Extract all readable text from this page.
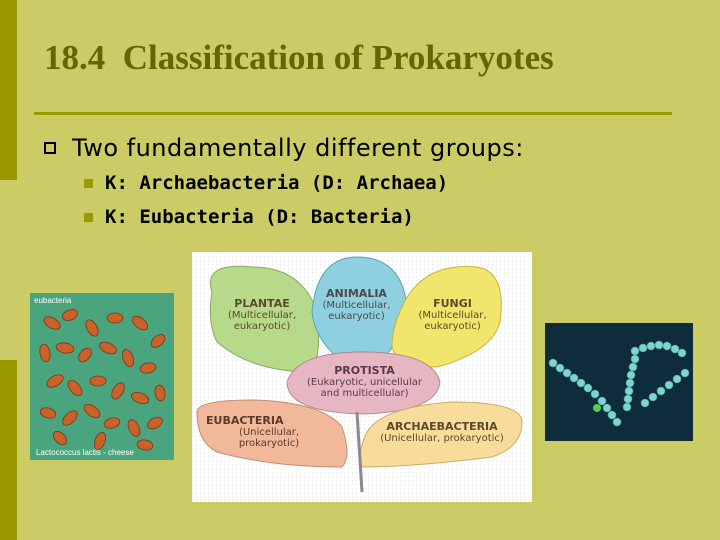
18.4  Classification of Prokaryotes
Two fundamentally different groups:
K: Archaebacteria (D: Archaea)
K: Eubacteria (D: Bacteria)
eubacteria
Lactococcus lactis - cheese
PLANTAE
(Multicellular,
eukaryotic)
ANIMALIA
(Multicellular,
eukaryotic)
FUNGI
(Multicellular,
eukaryotic)
PROTISTA
(Eukaryotic, unicellular
and multicellular)
EUBACTERIA
(Unicellular,
prokaryotic)
ARCHAEBACTERIA
(Unicellular, prokaryotic)
